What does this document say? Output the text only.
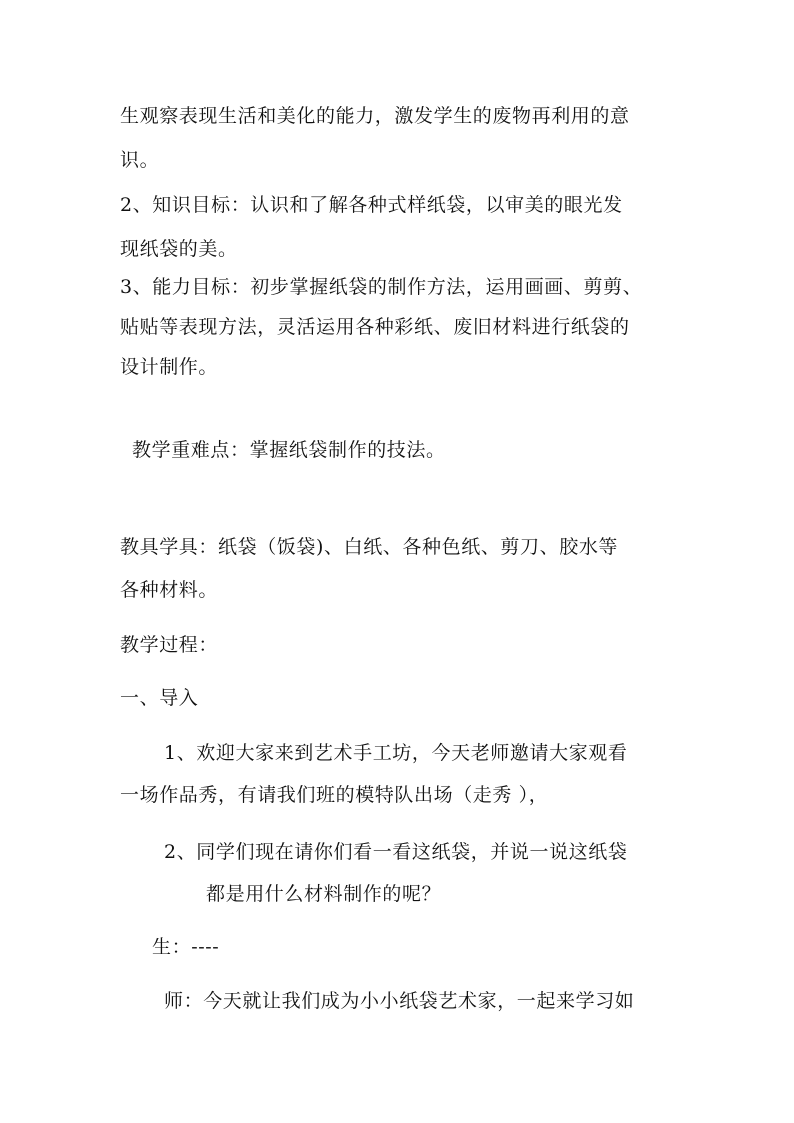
生观察表现生活和美化的能力，激发学生的废物再利用的意

识。

2、知识目标：认识和了解各种式样纸袋，以审美的眼光发

现纸袋的美。

3、能力目标：初步掌握纸袋的制作方法，运用画画、剪剪、

贴贴等表现方法，灵活运用各种彩纸、废旧材料进行纸袋的

设计制作。

教学重难点：掌握纸袋制作的技法。

教具学具：纸袋（饭袋)、白纸、各种色纸、剪刀、胶水等

各种材料。

教学过程：

一、导入

1、欢迎大家来到艺术手工坊，今天老师邀请大家观看

一场作品秀，有请我们班的模特队出场（走秀 ），

2、同学们现在请你们看一看这纸袋，并说一说这纸袋

都是用什么材料制作的呢？

生：----

师：今天就让我们成为小小纸袋艺术家，一起来学习如
